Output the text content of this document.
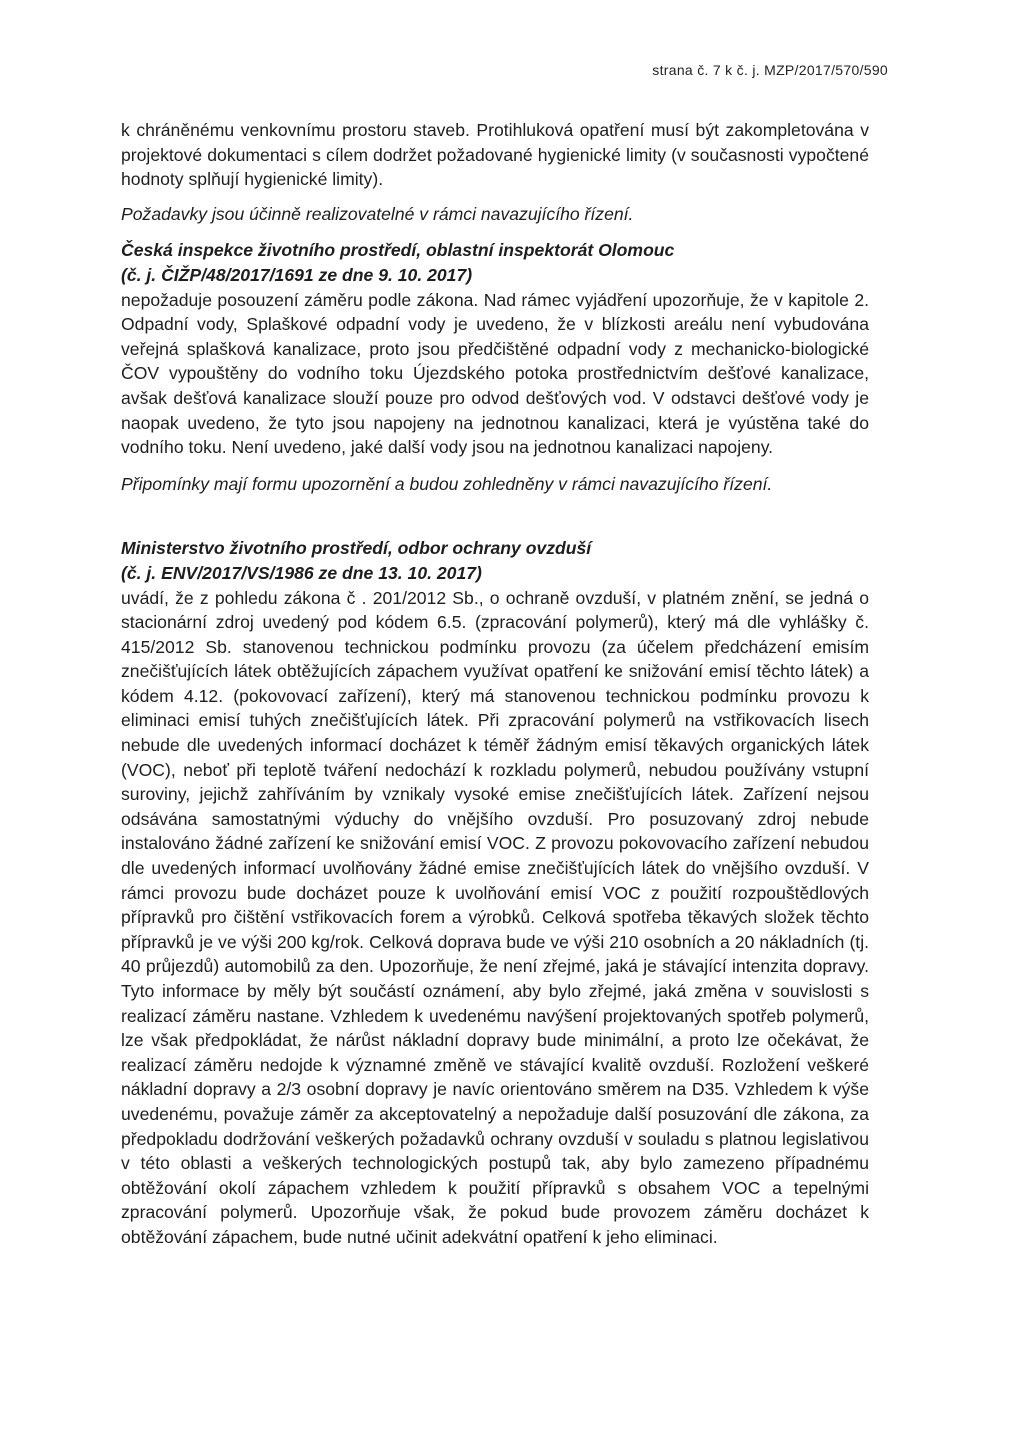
strana č. 7 k č. j. MZP/2017/570/590

k chráněnému venkovnímu prostoru staveb. Protihluková opatření musí být zakompletována v projektové dokumentaci s cílem dodržet požadované hygienické limity (v současnosti vypočtené hodnoty splňují hygienické limity).

Požadavky jsou účinně realizovatelné v rámci navazujícího řízení.

Česká inspekce životního prostředí, oblastní inspektorát Olomouc

(č. j. ČIŽP/48/2017/1691 ze dne 9. 10. 2017)

nepožaduje posouzení záměru podle zákona. Nad rámec vyjádření upozorňuje, že v kapitole 2. Odpadní vody, Splaškové odpadní vody je uvedeno, že v blízkosti areálu není vybudována veřejná splašková kanalizace, proto jsou předčištěné odpadní vody z mechanicko-biologické ČOV vypouštěny do vodního toku Újezdského potoka prostřednictvím dešťové kanalizace, avšak dešťová kanalizace slouží pouze pro odvod dešťových vod. V odstavci dešťové vody je naopak uvedeno, že tyto jsou napojeny na jednotnou kanalizaci, která je vyústěna také do vodního toku. Není uvedeno, jaké další vody jsou na jednotnou kanalizaci napojeny.

Připomínky mají formu upozornění a budou zohledněny v rámci navazujícího řízení.

Ministerstvo životního prostředí, odbor ochrany ovzduší

(č. j. ENV/2017/VS/1986 ze dne 13. 10. 2017)

uvádí, že z pohledu zákona č . 201/2012 Sb., o ochraně ovzduší, v platném znění, se jedná o stacionární zdroj uvedený pod kódem 6.5. (zpracování polymerů), který má dle vyhlášky č. 415/2012 Sb. stanovenou technickou podmínku provozu (za účelem předcházení emisím znečišťujících látek obtěžujících zápachem využívat opatření ke snižování emisí těchto látek) a kódem 4.12. (pokovovací zařízení), který má stanovenou technickou podmínku provozu k eliminaci emisí tuhých znečišťujících látek. Při zpracování polymerů na vstřikovacích lisech nebude dle uvedených informací docházet k téměř žádným emisí těkavých organických látek (VOC), neboť při teplotě tváření nedochází k rozkladu polymerů, nebudou používány vstupní suroviny, jejichž zahříváním by vznikaly vysoké emise znečišťujících látek. Zařízení nejsou odsávána samostatnými výduchy do vnějšího ovzduší. Pro posuzovaný zdroj nebude instalováno žádné zařízení ke snižování emisí VOC. Z provozu pokovovacího zařízení nebudou dle uvedených informací uvolňovány žádné emise znečišťujících látek do vnějšího ovzduší. V rámci provozu bude docházet pouze k uvolňování emisí VOC z použití rozpouštědlových přípravků pro čištění vstřikovacích forem a výrobků. Celková spotřeba těkavých složek těchto přípravků je ve výši 200 kg/rok. Celková doprava bude ve výši 210 osobních a 20 nákladních (tj. 40 průjezdů) automobilů za den. Upozorňuje, že není zřejmé, jaká je stávající intenzita dopravy. Tyto informace by měly být součástí oznámení, aby bylo zřejmé, jaká změna v souvislosti s realizací záměru nastane. Vzhledem k uvedenému navýšení projektovaných spotřeb polymerů, lze však předpokládat, že nárůst nákladní dopravy bude minimální, a proto lze očekávat, že realizací záměru nedojde k významné změně ve stávající kvalitě ovzduší. Rozložení veškeré nákladní dopravy a 2/3 osobní dopravy je navíc orientováno směrem na D35. Vzhledem k výše uvedenému, považuje záměr za akceptovatelný a nepožaduje další posuzování dle zákona, za předpokladu dodržování veškerých požadavků ochrany ovzduší v souladu s platnou legislativou v této oblasti a veškerých technologických postupů tak, aby bylo zamezeno případnému obtěžování okolí zápachem vzhledem k použití přípravků s obsahem VOC a tepelnými zpracování polymerů. Upozorňuje však, že pokud bude provozem záměru docházet k obtěžování zápachem, bude nutné učinit adekvátní opatření k jeho eliminaci.
